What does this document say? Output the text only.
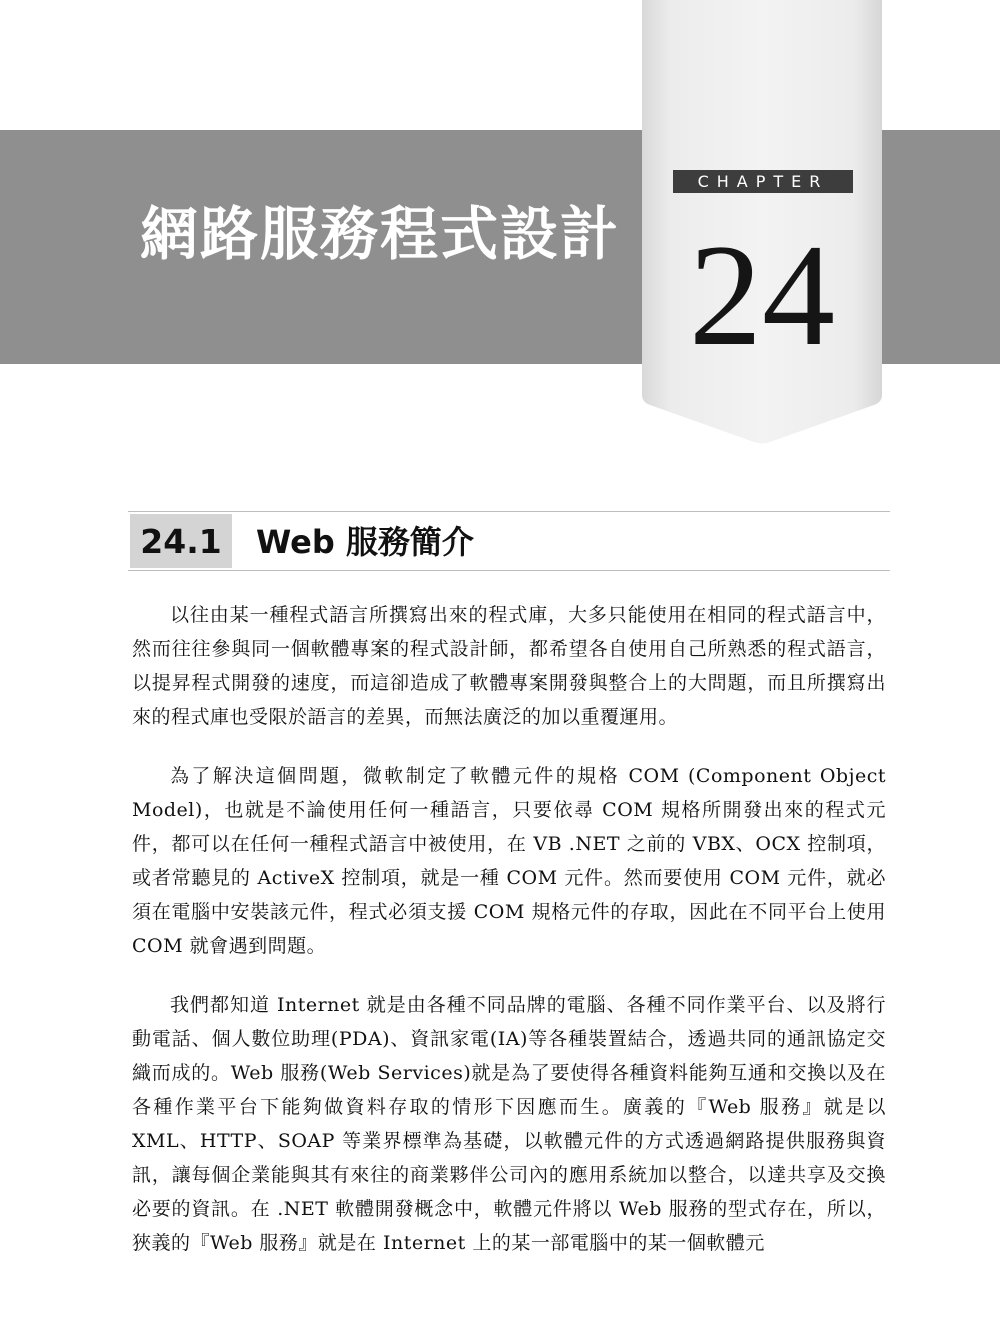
網路服務程式設計
CHAPTER
24
24.1	Web 服務簡介

以往由某一種程式語言所撰寫出來的程式庫，大多只能使用在相同的程式語言中，然而往往參與同一個軟體專案的程式設計師，都希望各自使用自己所熟悉的程式語言，以提昇程式開發的速度，而這卻造成了軟體專案開發與整合上的大問題，而且所撰寫出來的程式庫也受限於語言的差異，而無法廣泛的加以重覆運用。

為了解決這個問題，微軟制定了軟體元件的規格 COM (Component Object Model)，也就是不論使用任何一種語言，只要依尋 COM 規格所開發出來的程式元件，都可以在任何一種程式語言中被使用，在 VB .NET 之前的 VBX、OCX 控制項，或者常聽見的 ActiveX 控制項，就是一種 COM 元件。然而要使用 COM 元件，就必須在電腦中安裝該元件，程式必須支援 COM 規格元件的存取，因此在不同平台上使用 COM 就會遇到問題。

我們都知道 Internet 就是由各種不同品牌的電腦、各種不同作業平台、以及將行動電話、個人數位助理(PDA)、資訊家電(IA)等各種裝置結合，透過共同的通訊協定交織而成的。Web 服務(Web Services)就是為了要使得各種資料能夠互通和交換以及在各種作業平台下能夠做資料存取的情形下因應而生。廣義的『Web 服務』就是以 XML、HTTP、SOAP 等業界標準為基礎，以軟體元件的方式透過網路提供服務與資訊，讓每個企業能與其有來往的商業夥伴公司內的應用系統加以整合，以達共享及交換必要的資訊。在 .NET 軟體開發概念中，軟體元件將以 Web 服務的型式存在，所以，狹義的『Web 服務』就是在 Internet 上的某一部電腦中的某一個軟體元
